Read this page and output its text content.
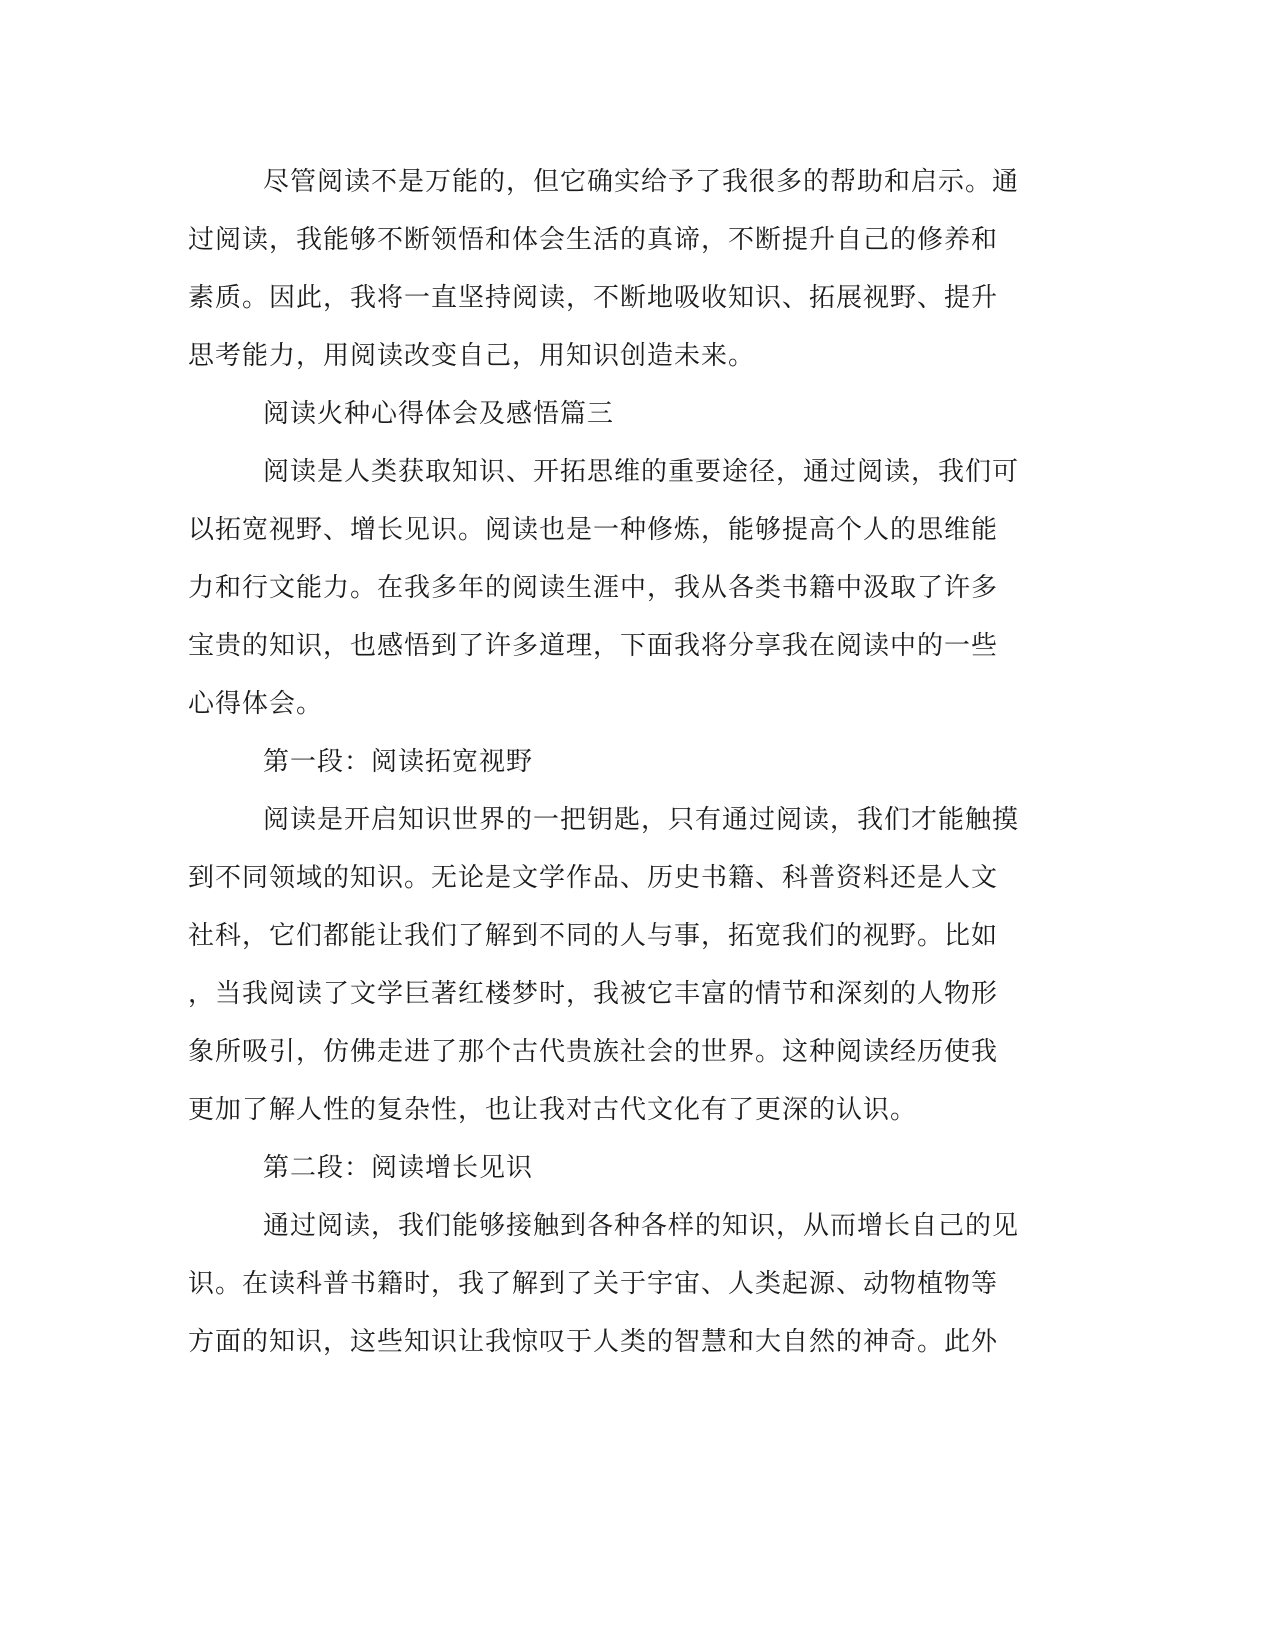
尽管阅读不是万能的，但它确实给予了我很多的帮助和启示。通
过阅读，我能够不断领悟和体会生活的真谛，不断提升自己的修养和
素质。因此，我将一直坚持阅读，不断地吸收知识、拓展视野、提升
思考能力，用阅读改变自己，用知识创造未来。
阅读火种心得体会及感悟篇三
阅读是人类获取知识、开拓思维的重要途径，通过阅读，我们可
以拓宽视野、增长见识。阅读也是一种修炼，能够提高个人的思维能
力和行文能力。在我多年的阅读生涯中，我从各类书籍中汲取了许多
宝贵的知识，也感悟到了许多道理，下面我将分享我在阅读中的一些
心得体会。
第一段：阅读拓宽视野
阅读是开启知识世界的一把钥匙，只有通过阅读，我们才能触摸
到不同领域的知识。无论是文学作品、历史书籍、科普资料还是人文
社科，它们都能让我们了解到不同的人与事，拓宽我们的视野。比如
，当我阅读了文学巨著红楼梦时，我被它丰富的情节和深刻的人物形
象所吸引，仿佛走进了那个古代贵族社会的世界。这种阅读经历使我
更加了解人性的复杂性，也让我对古代文化有了更深的认识。
第二段：阅读增长见识
通过阅读，我们能够接触到各种各样的知识，从而增长自己的见
识。在读科普书籍时，我了解到了关于宇宙、人类起源、动物植物等
方面的知识，这些知识让我惊叹于人类的智慧和大自然的神奇。此外
